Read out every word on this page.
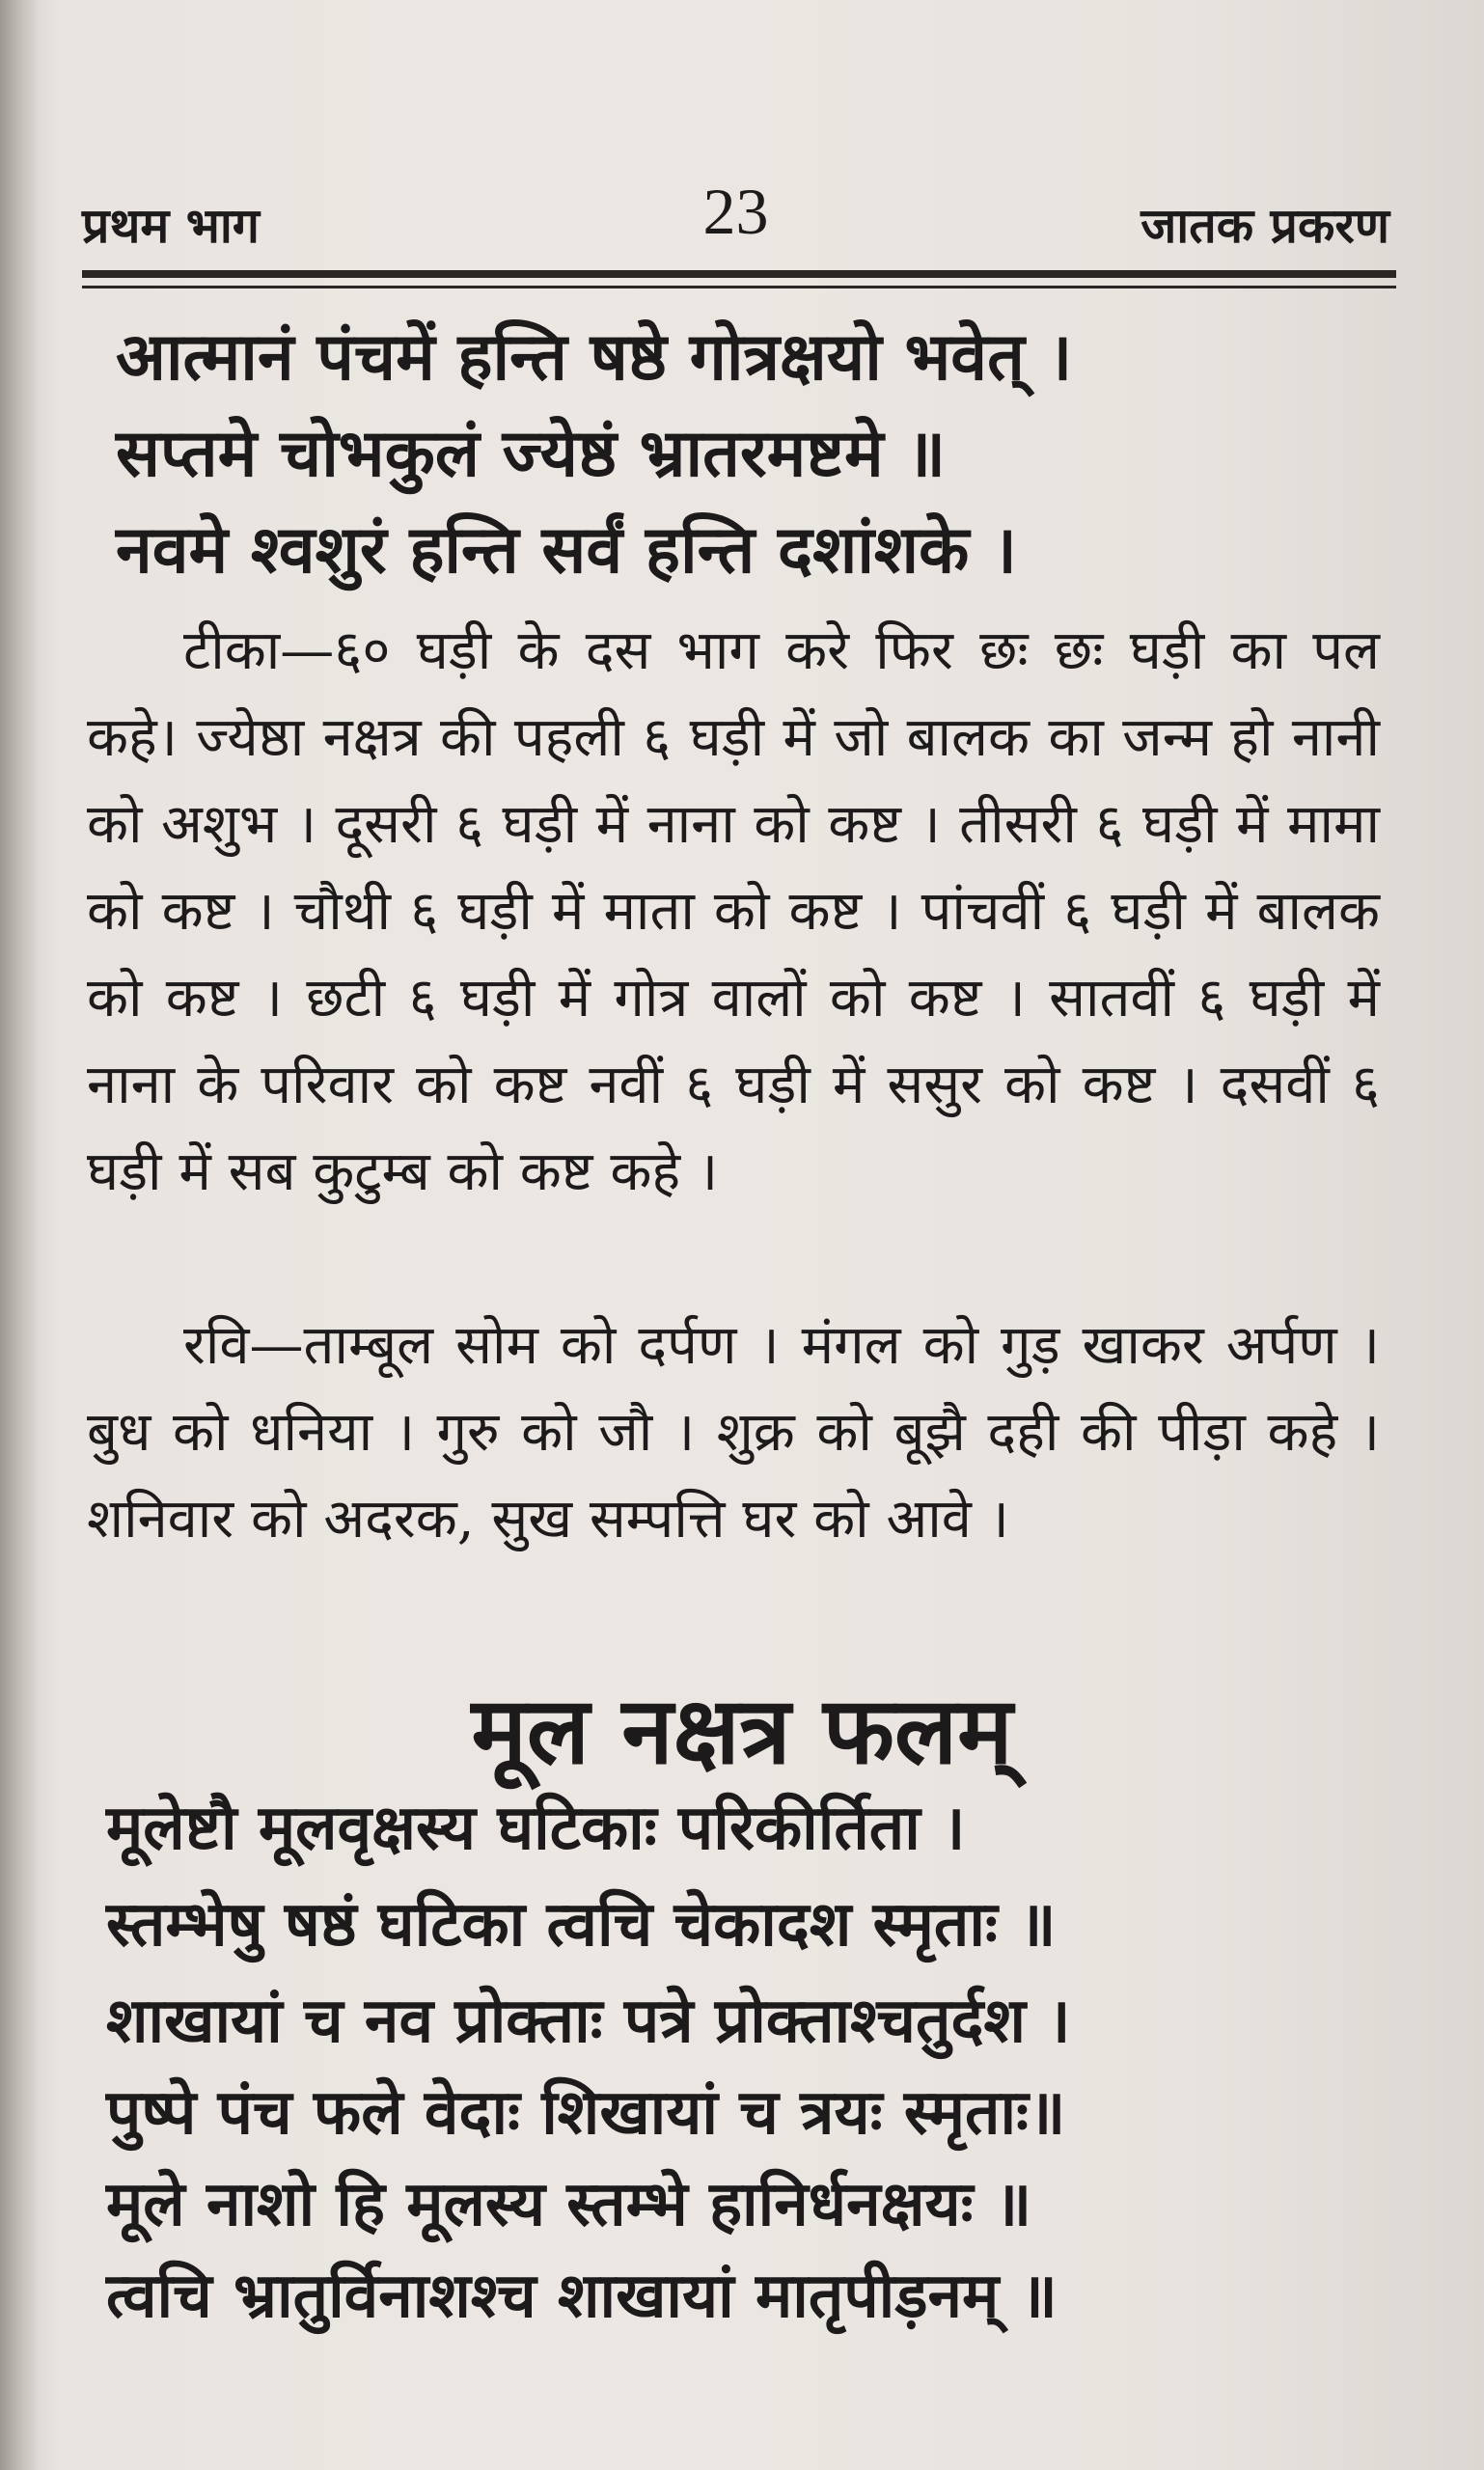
प्रथम भाग	23	जातक प्रकरण
आत्मानं पंचमें हन्ति षष्ठे गोत्रक्षयो भवेत् ।
सप्तमे चोभकुलं ज्येष्ठं भ्रातरमष्टमे ॥
नवमे श्वशुरं हन्ति सर्वं हन्ति दशांशके ।
टीका—६० घड़ी के दस भाग करे फिर छः छः घड़ी का पल कहे। ज्येष्ठा नक्षत्र की पहली ६ घड़ी में जो बालक का जन्म हो नानी को अशुभ । दूसरी ६ घड़ी में नाना को कष्ट । तीसरी ६ घड़ी में मामा को कष्ट । चौथी ६ घड़ी में माता को कष्ट । पांचवीं ६ घड़ी में बालक को कष्ट । छटी ६ घड़ी में गोत्र वालों को कष्ट । सातवीं ६ घड़ी में नाना के परिवार को कष्ट नवीं ६ घड़ी में ससुर को कष्ट । दसवीं ६ घड़ी में सब कुटुम्ब को कष्ट कहे ।
रवि—ताम्बूल सोम को दर्पण । मंगल को गुड़ खाकर अर्पण । बुध को धनिया । गुरु को जौ । शुक्र को बूझै दही की पीड़ा कहे । शनिवार को अदरक, सुख सम्पत्ति घर को आवे ।
मूल नक्षत्र फलम्
मूलेष्टौ मूलवृक्षस्य घटिकाः परिकीर्तिता ।
स्तम्भेषु षष्ठं घटिका त्वचि चेकादश स्मृताः ॥
शाखायां च नव प्रोक्ताः पत्रे प्रोक्ताश्चतुर्दश ।
पुष्पे पंच फले वेदाः शिखायां च त्रयः स्मृताः॥
मूले नाशो हि मूलस्य स्तम्भे हानिर्धनक्षयः ॥
त्वचि भ्रातुर्विनाशश्च शाखायां मातृपीड़नम् ॥
